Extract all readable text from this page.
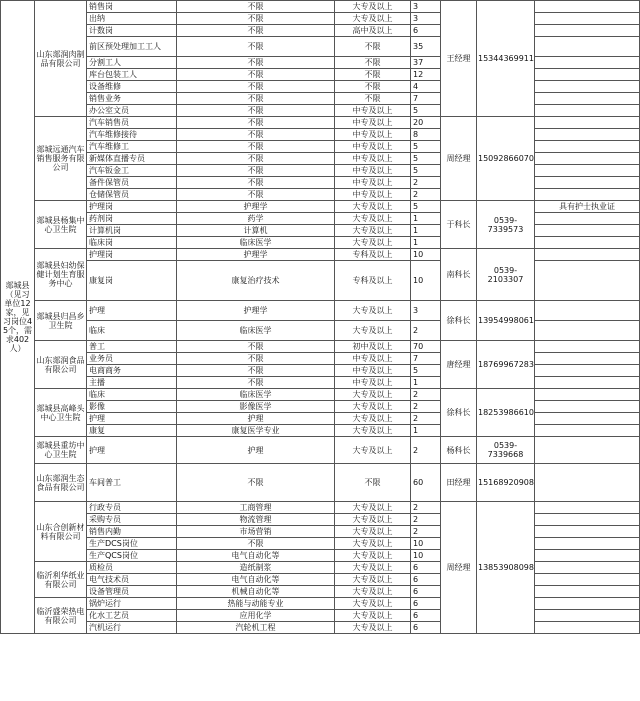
郯城县（见习单位12家，见习岗位45个，需求402人）	山东郯润肉制品有限公司	销售岗	不限	大专及以上	3	王经理	15344369911	
		出纳	不限	大专及以上	3			
		计数岗	不限	高中及以上	6			
		前区预处理加工工人	不限	不限	35			
		分割工人	不限	不限	37			
		库台包装工人	不限	不限	12			
		设备维修	不限	不限	4			
		销售业务	不限	不限	7			
		办公室文员	不限	中专及以上	5			
	郯城远通汽车销售服务有限公司	汽车销售员	不限	中专及以上	20	周经理	15092866070	
		汽车维修接待	不限	中专及以上	8			
		汽车维修工	不限	中专及以上	5			
		新媒体直播专员	不限	中专及以上	5			
		汽车钣金工	不限	中专及以上	5			
		备件保管员	不限	中专及以上	2			
		仓储保管员	不限	中专及以上	2			
	郯城县杨集中心卫生院	护理岗	护理学	大专及以上	5	于科长	0539-7339573	具有护士执业证
		药剂岗	药学	大专及以上	1			
		计算机岗	计算机	大专及以上	1			
		临床岗	临床医学	大专及以上	1			
	郯城县妇幼保健计划生育服务中心	护理岗	护理学	专科及以上	10	南科长	0539-2103307	
		康复岗	康复治疗技术	专科及以上	10			
	郯城县归昌乡卫生院	护理	护理学	大专及以上	3	徐科长	13954998061	
		临床	临床医学	大专及以上	2			
	山东郯润食品有限公司	普工	不限	初中及以上	70	唐经理	18769967283	
		业务员	不限	中专及以上	7			
		电商商务	不限	中专及以上	5			
		主播	不限	中专及以上	1			
	郯城县高峰头中心卫生院	临床	临床医学	大专及以上	2	徐科长	18253986610	
		影像	影像医学	大专及以上	2			
		护理	护理	大专及以上	2			
		康复	康复医学专业	大专及以上	1			
	郯城县重坊中心卫生院	护理	护理	大专及以上	2	杨科长	0539-7339668	
	山东郯润生态食品有限公司	车间普工	不限	不限	60	田经理	15168920908	
	山东合创新材料有限公司	行政专员	工商管理	大专及以上	2	周经理	13853908098	
		采购专员	物流管理	大专及以上	2			
		销售内勤	市场营销	大专及以上	2			
		生产DCS岗位	不限	大专及以上	10			
		生产QCS岗位	电气自动化等	大专及以上	10			
	临沂利华纸业有限公司	质检员	造纸制浆	大专及以上	6			
		电气技术员	电气自动化等	大专及以上	6			
		设备管理员	机械自动化等	大专及以上	6			
	临沂盛荣热电有限公司	锅炉运行	热能与动能专业	大专及以上	6			
		化水工艺员	应用化学	大专及以上	6			
		汽机运行	汽轮机工程	大专及以上	6			
